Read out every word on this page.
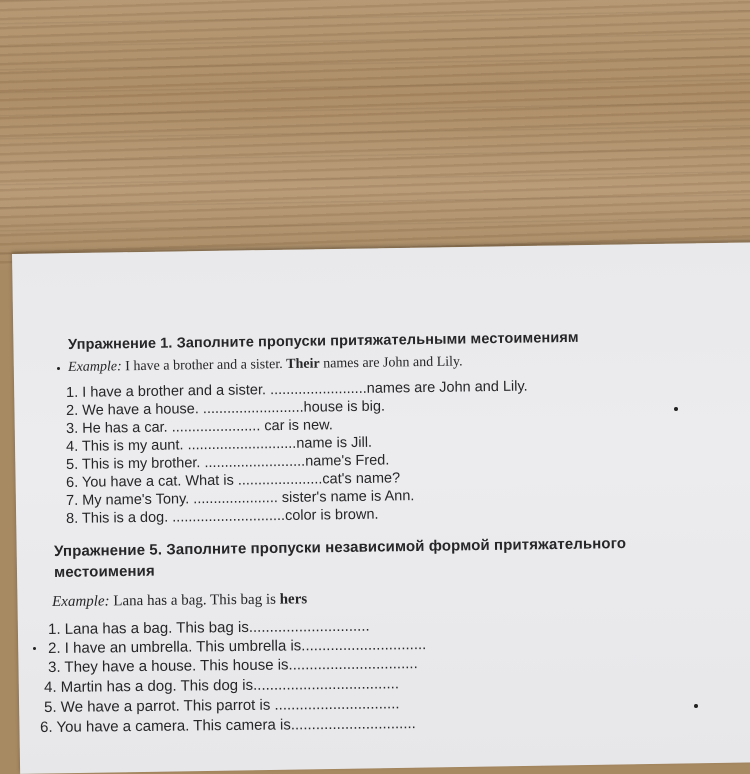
Упражнение 1. Заполните пропуски притяжательными местоимениям
Example: I have a brother and a sister. Their names are John and Lily.
1. I have a brother and a sister. ........................names are John and Lily.
2. We have a house. .........................house is big.
3. He has a car. ...................... car is new.
4. This is my aunt. ...........................name is Jill.
5. This is my brother. .........................name's Fred.
6. You have a cat. What is .....................cat's name?
7. My name's Tony. ..................... sister's name is Ann.
8. This is a dog. ............................color is brown.
Упражнение 5. Заполните пропуски независимой формой притяжательного
местоимения
Example: Lana has a bag. This bag is hers
1. Lana has a bag. This bag is.............................
2. I have an umbrella. This umbrella is..............................
3. They have a house. This house is...............................
4. Martin has a dog. This dog is...................................
5. We have a parrot. This parrot is ..............................
6. You have a camera. This camera is..............................
